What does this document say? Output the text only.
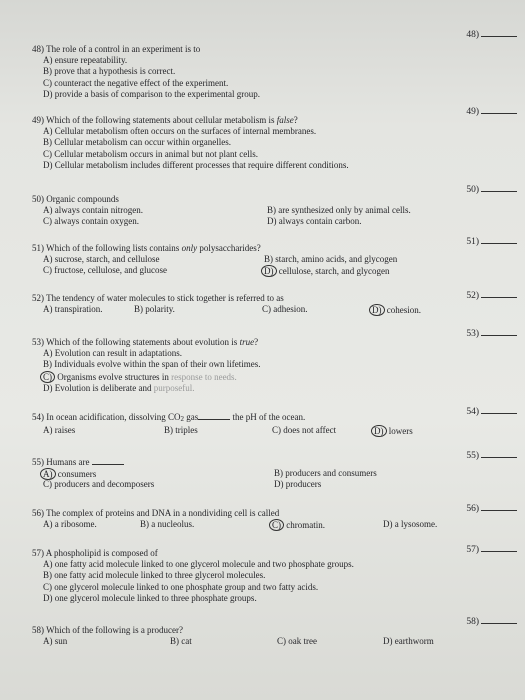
48)
49)
50)
51)
52)
53)
54)
55)
56)
57)
58)
48) The role of a control in an experiment is to
A) ensure repeatability.
B) prove that a hypothesis is correct.
C) counteract the negative effect of the experiment.
D) provide a basis of comparison to the experimental group.
49) Which of the following statements about cellular metabolism is false?
A) Cellular metabolism often occurs on the surfaces of internal membranes.
B) Cellular metabolism can occur within organelles.
C) Cellular metabolism occurs in animal but not plant cells.
D) Cellular metabolism includes different processes that require different conditions.
50) Organic compounds
A) always contain nitrogen.	B) are synthesized only by animal cells.
C) always contain oxygen.	D) always contain carbon.
51) Which of the following lists contains only polysaccharides?
A) sucrose, starch, and cellulose	B) starch, amino acids, and glycogen
C) fructose, cellulose, and glucose	D) cellulose, starch, and glycogen
52) The tendency of water molecules to stick together is referred to as
A) transpiration.	B) polarity.	C) adhesion.	D) cohesion.
53) Which of the following statements about evolution is true?
A) Evolution can result in adaptations.
B) Individuals evolve within the span of their own lifetimes.
C) Organisms evolve structures in response to needs.
D) Evolution is deliberate and purposeful.
54) In ocean acidification, dissolving CO2 gas	the pH of the ocean.
A) raises	B) triples	C) does not affect	D) lowers
55) Humans are
A) consumers	B) producers and consumers
C) producers and decomposers	D) producers
56) The complex of proteins and DNA in a nondividing cell is called
A) a ribosome.	B) a nucleolus.	C) chromatin.	D) a lysosome.
57) A phospholipid is composed of
A) one fatty acid molecule linked to one glycerol molecule and two phosphate groups.
B) one fatty acid molecule linked to three glycerol molecules.
C) one glycerol molecule linked to one phosphate group and two fatty acids.
D) one glycerol molecule linked to three phosphate groups.
58) Which of the following is a producer?
A) sun	B) cat	C) oak tree	D) earthworm
